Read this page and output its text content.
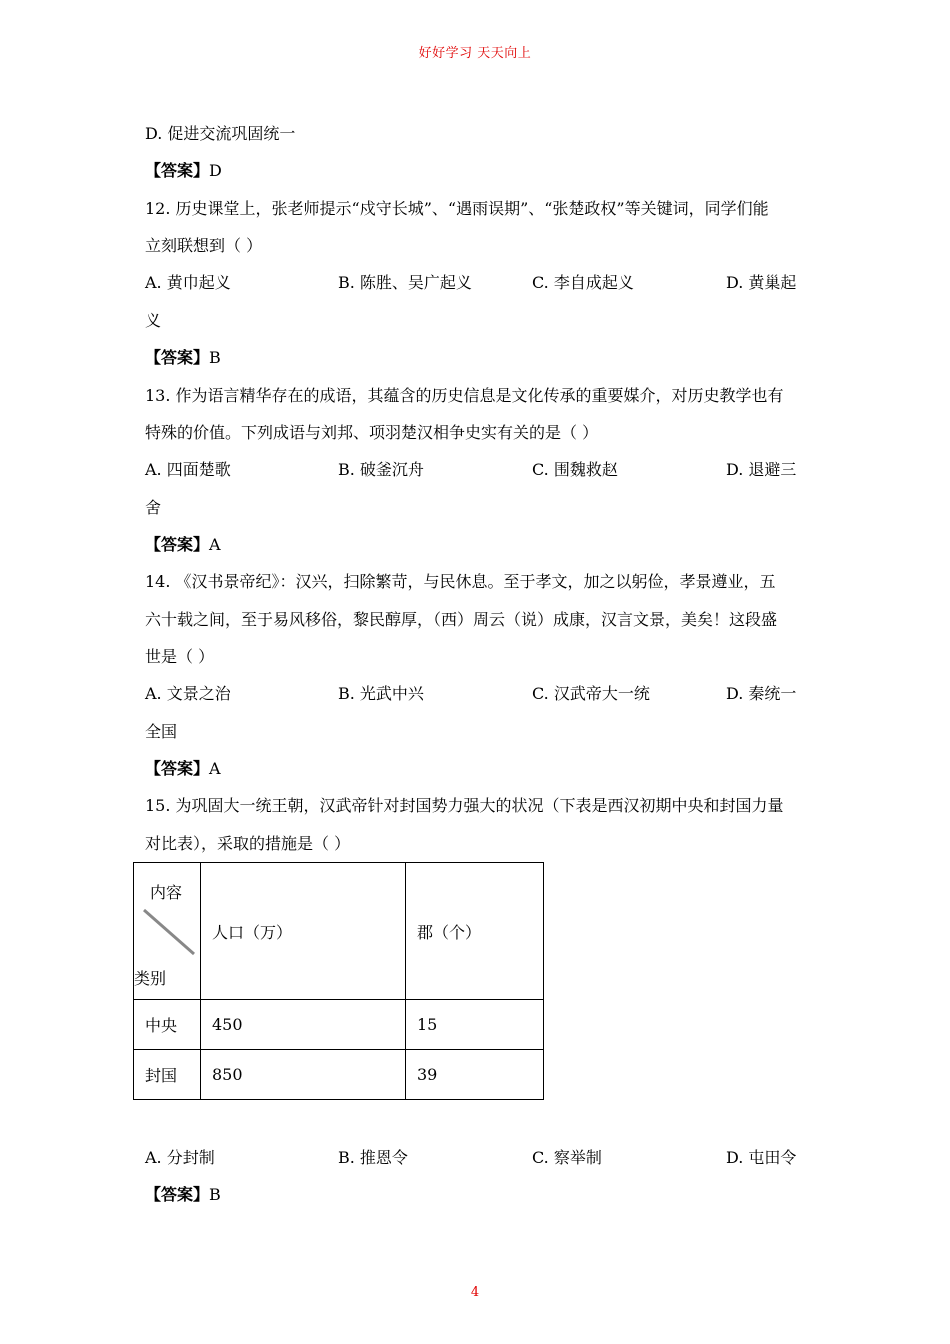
好好学习 天天向上
D. 促进交流巩固统一
【答案】D
12. 历史课堂上，张老师提示“戍守长城”、“遇雨误期”、“张楚政权”等关键词，同学们能
立刻联想到（ ）
A. 黄巾起义	B. 陈胜、吴广起义	C. 李自成起义	D. 黄巢起
义
【答案】B
13. 作为语言精华存在的成语，其蕴含的历史信息是文化传承的重要媒介，对历史教学也有
特殊的价值。下列成语与刘邦、项羽楚汉相争史实有关的是（ ）
A. 四面楚歌	B. 破釜沉舟	C. 围魏救赵	D. 退避三
舍
【答案】A
14. 《汉书景帝纪》：汉兴，扫除繁苛，与民休息。至于孝文，加之以躬俭，孝景遵业，五
六十载之间，至于易风移俗，黎民醇厚，（西）周云（说）成康，汉言文景，美矣！这段盛
世是（ ）
A. 文景之治	B. 光武中兴	C. 汉武帝大一统	D. 秦统一
全国
【答案】A
15. 为巩固大一统王朝，汉武帝针对封国势力强大的状况（下表是西汉初期中央和封国力量
对比表），采取的措施是（ ）
内容
类别	人口（万）	郡（个）
中央	450	15
封国	850	39
A. 分封制	B. 推恩令	C. 察举制	D. 屯田令
【答案】B
4
